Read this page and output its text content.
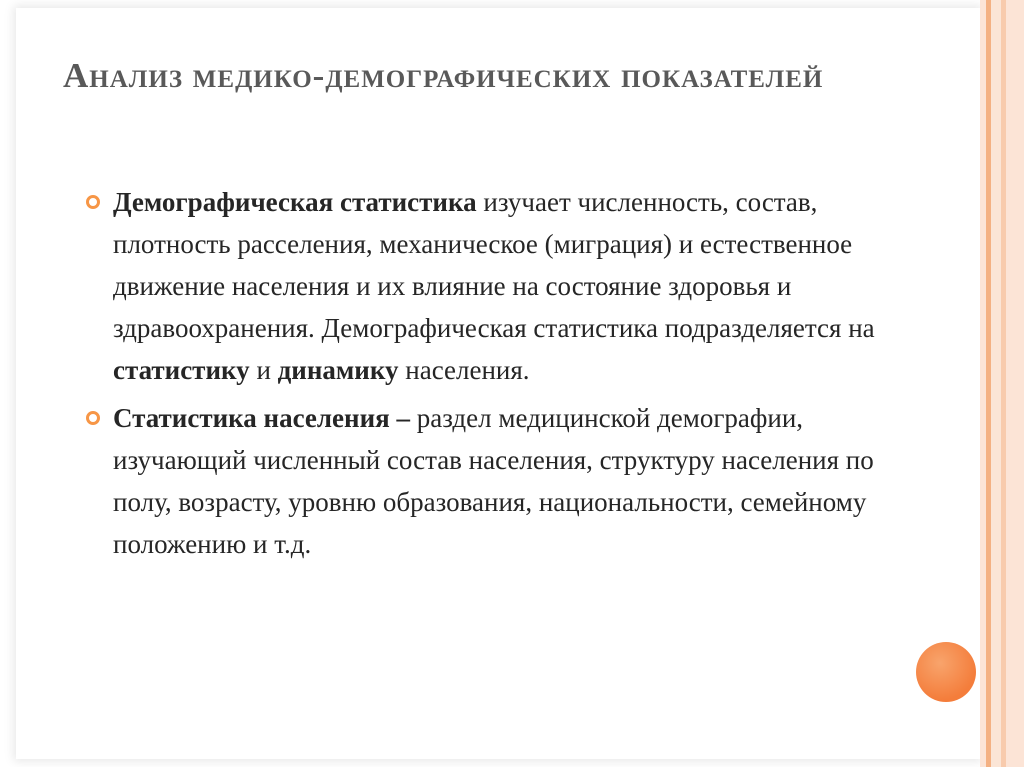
Анализ медико-демографических показателей
Демографическая статистика изучает численность, состав, плотность расселения, механическое (миграция) и естественное движение населения и их влияние на состояние здоровья и здравоохранения. Демографическая статистика подразделяется на статистику и динамику населения.
Статистика населения – раздел медицинской демографии, изучающий численный состав населения, структуру населения по полу, возрасту, уровню образования, национальности, семейному положению и т.д.
